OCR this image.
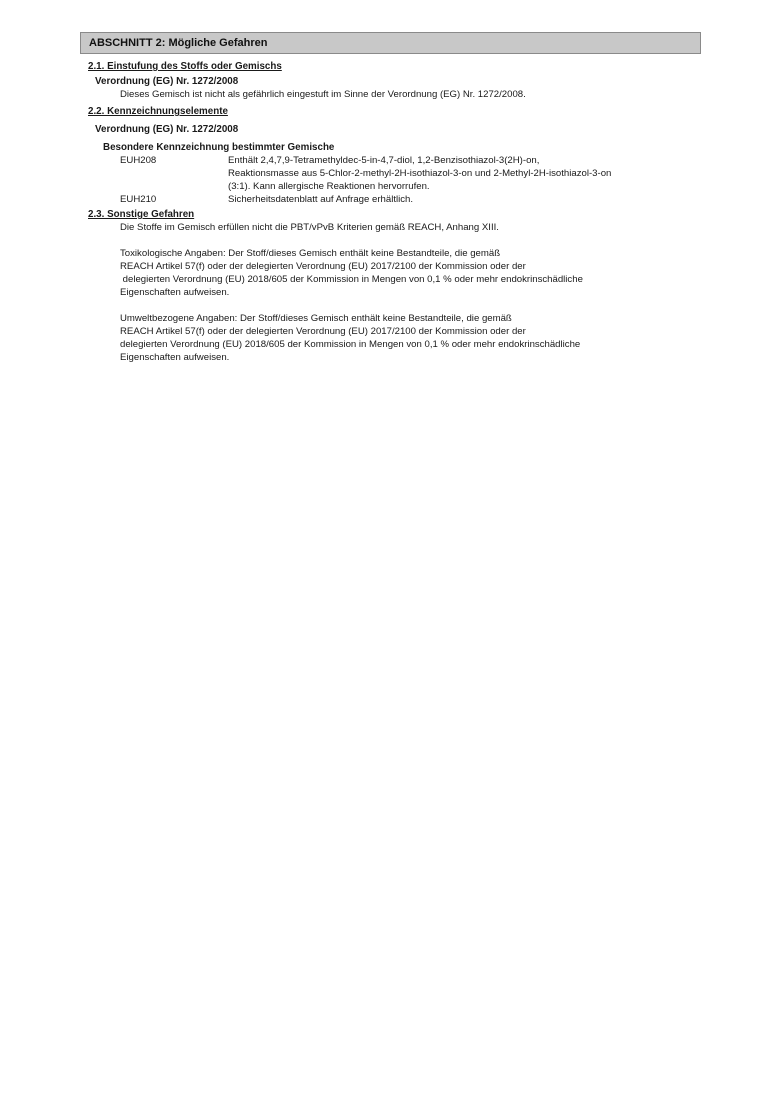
ABSCHNITT 2: Mögliche Gefahren
2.1. Einstufung des Stoffs oder Gemischs
Verordnung (EG) Nr. 1272/2008
Dieses Gemisch ist nicht als gefährlich eingestuft im Sinne der Verordnung (EG) Nr. 1272/2008.
2.2. Kennzeichnungselemente
Verordnung (EG) Nr. 1272/2008
Besondere Kennzeichnung bestimmter Gemische
EUH208	Enthält 2,4,7,9-Tetramethyldec-5-in-4,7-diol, 1,2-Benzisothiazol-3(2H)-on,
Reaktionsmasse aus 5-Chlor-2-methyl-2H-isothiazol-3-on und 2-Methyl-2H-isothiazol-3-on
(3:1). Kann allergische Reaktionen hervorrufen.
EUH210	Sicherheitsdatenblatt auf Anfrage erhältlich.
2.3. Sonstige Gefahren
Die Stoffe im Gemisch erfüllen nicht die PBT/vPvB Kriterien gemäß REACH, Anhang XIII.
Toxikologische Angaben: Der Stoff/dieses Gemisch enthält keine Bestandteile, die gemäß
REACH Artikel 57(f) oder der delegierten Verordnung (EU) 2017/2100 der Kommission oder der
delegierten Verordnung (EU) 2018/605 der Kommission in Mengen von 0,1 % oder mehr endokrinschädliche
Eigenschaften aufweisen.
Umweltbezogene Angaben: Der Stoff/dieses Gemisch enthält keine Bestandteile, die gemäß
REACH Artikel 57(f) oder der delegierten Verordnung (EU) 2017/2100 der Kommission oder der
delegierten Verordnung (EU) 2018/605 der Kommission in Mengen von 0,1 % oder mehr endokrinschädliche
Eigenschaften aufweisen.
